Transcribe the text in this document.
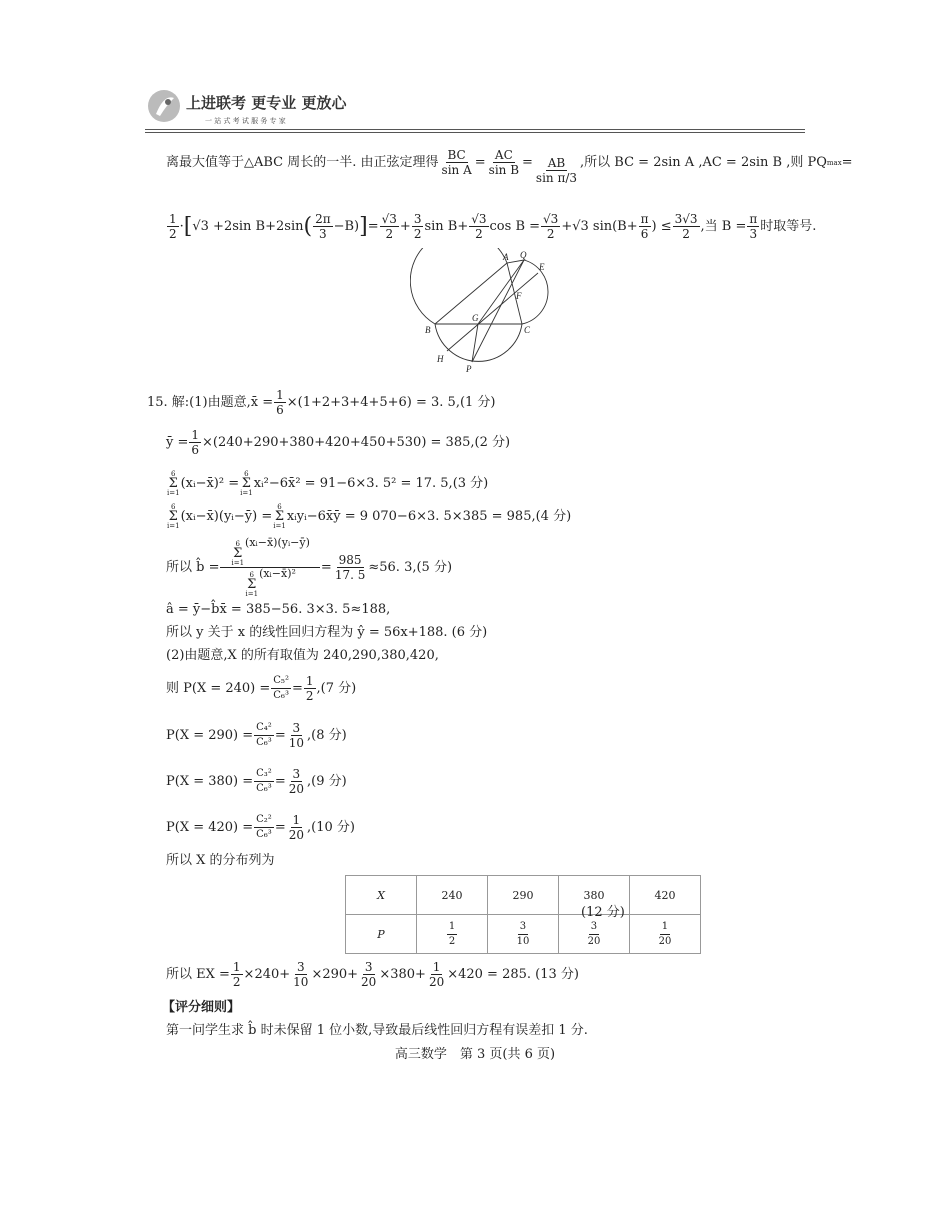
上进联考 更专业 更放心
一 站 式 考 试 服 务 专 家
离最大值等于△ABC 周长的一半. 由正弦定理得 $\frac{BC}{\text{sin A}} = \frac{AC}{\text{sin B}} = \frac{AB}{\text{sin π/3}}$ ,所以 BC = 2sin A ,AC = 2sin B ,则 PQ max =
$\frac{1}{2}$ · [ √3 +2sin B+2sin ( $\frac{2\pi}{3} -B$) ] = $\frac{√3}{2} + \frac{3}{2}$ $\sin B+ \frac{√3}{2}$ $\cos B = \frac{√3}{2} +√3$ $\sin(B+ \frac{\pi}{6}$ ) ≤ $\frac{3√3}{2}$ ,当 $B = \frac{\pi}{3}$ 时取等号.
A Q
E
F
B
G
C
H
P
15. 解:(1)由题意,x̄ = $\frac{1}{6} \times(1+2+3+4+5+6) = 3$. 5,(1 分)
ȳ = $\frac{1}{6} \times(240+290+380+420+450+530) = 385,(2$ 分)
6
Σ
i=1
(xᵢ−x̄)² =
6
Σ
i=1
xᵢ²−6x̄² = 91−6×3. 5² = 17. 5,(3 分)
6
Σ
i=1
(xᵢ−x̄)(yᵢ−ȳ) =
6
Σ
i=1
xᵢyᵢ−6x̄ȳ = 9 070−6×3. 5×385 = 985,(4 分)
所以 b̂ = 6
Σ
i=1
(xᵢ−x̄)(yᵢ−ȳ)
6
Σ
i=1
(xᵢ−x̄)² = $\frac{985}{17. 5} \approx 56$. 3,(5 分)
â = ȳ−b̂x̄ = 385−56. 3×3. 5≈188,
所以 y 关于 x 的线性回归方程为 ŷ = 56x+188. (6 分)
(2)由题意,X 的所有取值为 240,290,380,420,
则 $P(X = 240) = \frac{\text{C₅²}}{\text{C₆³}} = \frac{1}{2} ,(7$ 分)
$P(X = 290) = \frac{\text{C₄²}}{\text{C₆³}} = \frac{3}{10} ,(8$ 分)
$P(X = 380) = \frac{\text{C₃²}}{\text{C₆³}} = \frac{3}{20} ,(9$ 分)
$P(X = 420) = \frac{\text{C₂²}}{\text{C₆³}} = \frac{1}{20} ,(10$ 分)
所以 X 的分布列为
X	240	290	380	420
P	$\frac{1}{2}$	$\frac{3}{10}$	$\frac{3}{20}$	$\frac{1}{20}$
(12 分)
所以 EX = $\frac{1}{2} \times 240+ \frac{3}{10} \times 290+ \frac{3}{20} \times 380+ \frac{1}{20} \times 420 = 285$. (13 分)
【评分细则】
第一问学生求 b̂ 时未保留 1 位小数,导致最后线性回归方程有误差扣 1 分.
高三数学　第 3 页(共 6 页)
